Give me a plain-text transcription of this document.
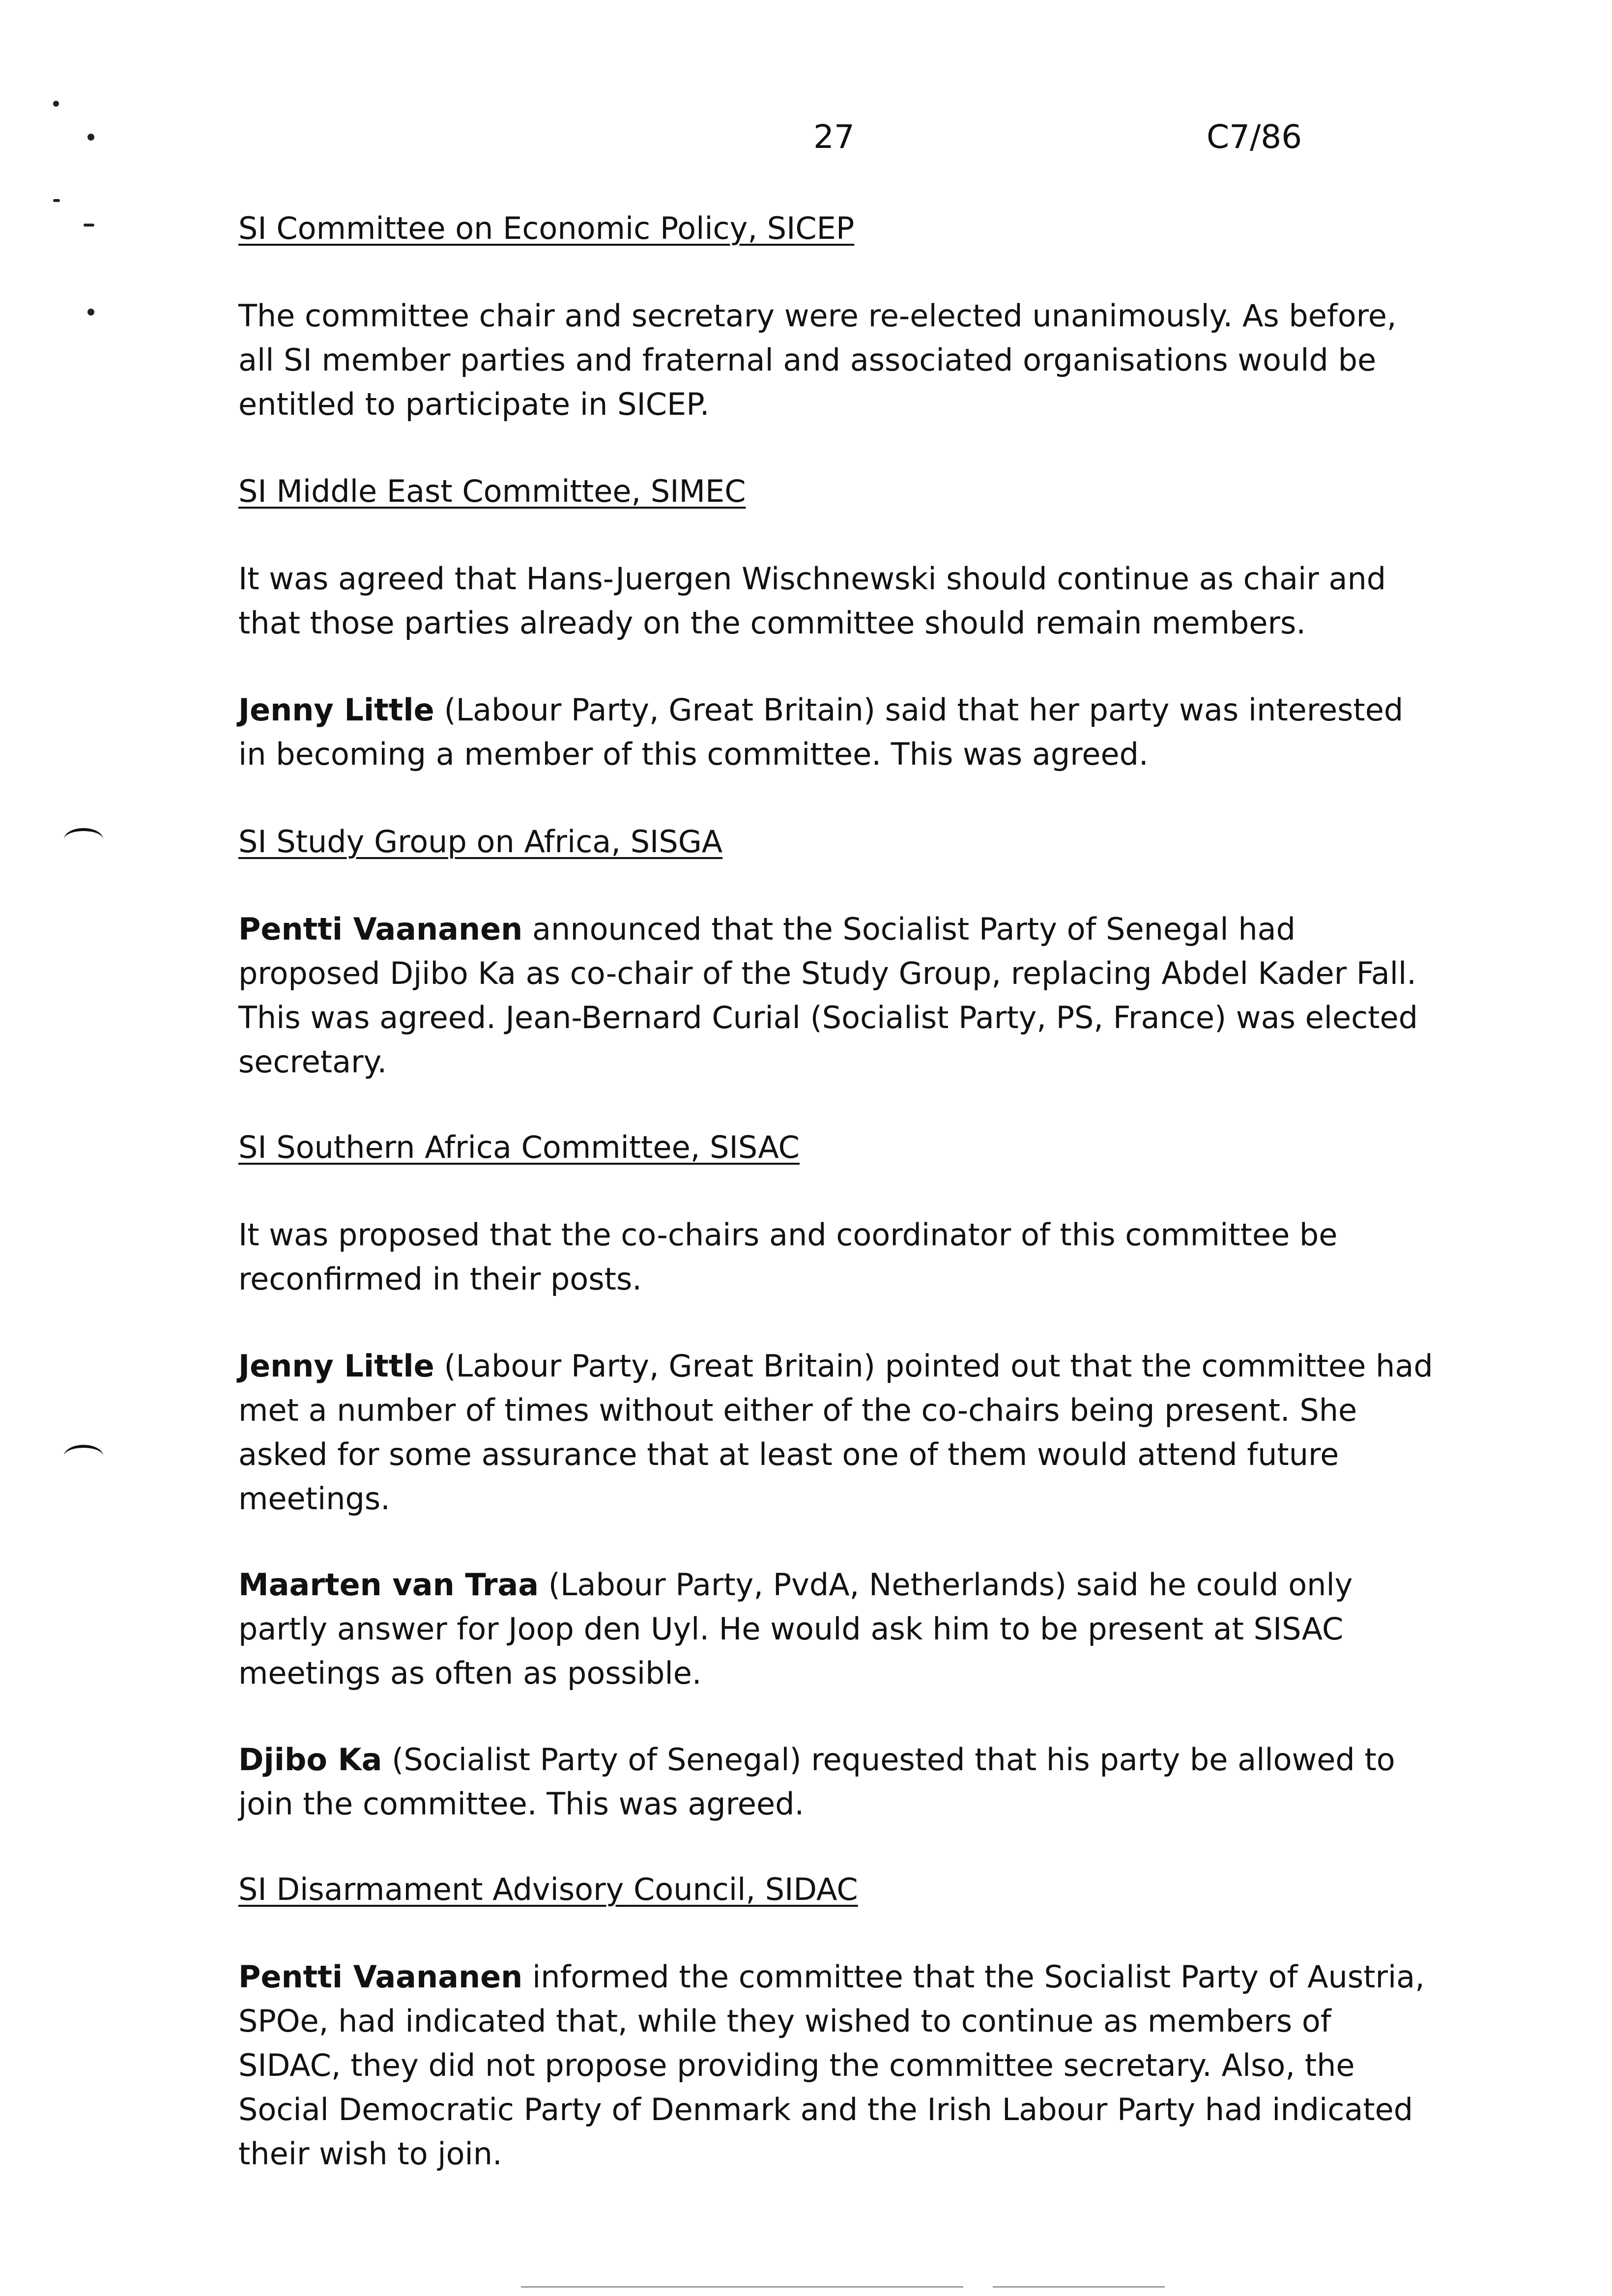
27	C7/86
SI Committee on Economic Policy, SICEP
The committee chair and secretary were re-elected unanimously. As before, all SI member parties and fraternal and associated organisations would be entitled to participate in SICEP.
SI Middle East Committee, SIMEC
It was agreed that Hans-Juergen Wischnewski should continue as chair and that those parties already on the committee should remain members.
Jenny Little (Labour Party, Great Britain) said that her party was interested in becoming a member of this committee. This was agreed.
SI Study Group on Africa, SISGA
Pentti Vaananen announced that the Socialist Party of Senegal had proposed Djibo Ka as co-chair of the Study Group, replacing Abdel Kader Fall. This was agreed. Jean-Bernard Curial (Socialist Party, PS, France) was elected secretary.
SI Southern Africa Committee, SISAC
It was proposed that the co-chairs and coordinator of this committee be reconfirmed in their posts.
Jenny Little (Labour Party, Great Britain) pointed out that the committee had met a number of times without either of the co-chairs being present. She asked for some assurance that at least one of them would attend future meetings.
Maarten van Traa (Labour Party, PvdA, Netherlands) said he could only partly answer for Joop den Uyl. He would ask him to be present at SISAC meetings as often as possible.
Djibo Ka (Socialist Party of Senegal) requested that his party be allowed to join the committee. This was agreed.
SI Disarmament Advisory Council, SIDAC
Pentti Vaananen informed the committee that the Socialist Party of Austria, SPOe, had indicated that, while they wished to continue as members of SIDAC, they did not propose providing the committee secretary. Also, the Social Democratic Party of Denmark and the Irish Labour Party had indicated their wish to join.
